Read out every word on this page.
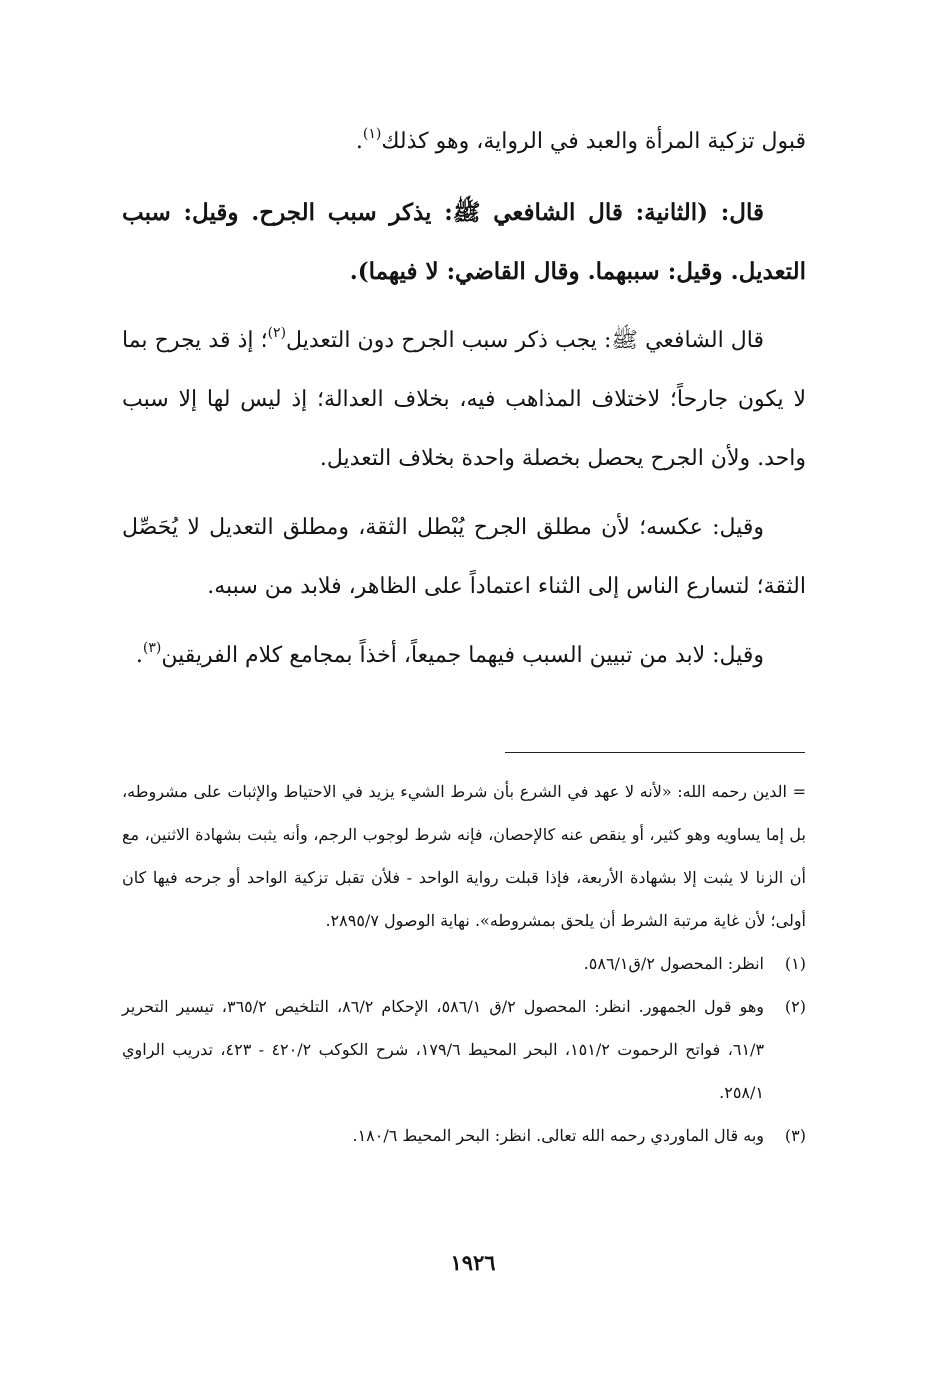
قبول تزكية المرأة والعبد في الرواية، وهو كذلك$^{(١)}$.

قال: (الثانية: قال الشافعي ﷺ: يذكر سبب الجرح. وقيل: سبب التعديل. وقيل: سببهما. وقال القاضي: لا فيهما).

قال الشافعي ﷺ: يجب ذكر سبب الجرح دون التعديل$^{(٢)}$؛ إذ قد يجرح بما لا يكون جارحاً؛ لاختلاف المذاهب فيه، بخلاف العدالة؛ إذ ليس لها إلا سبب واحد. ولأن الجرح يحصل بخصلة واحدة بخلاف التعديل.

وقيل: عكسه؛ لأن مطلق الجرح يُبْطل الثقة، ومطلق التعديل لا يُحَصِّل الثقة؛ لتسارع الناس إلى الثناء اعتماداً على الظاهر، فلابد من سببه.

وقيل: لابد من تبيين السبب فيهما جميعاً، أخذاً بمجامع كلام الفريقين$^{(٣)}$.

= الدين رحمه الله: «لأنه لا عهد في الشرع بأن شرط الشيء يزيد في الاحتياط والإثبات على مشروطه، بل إما يساويه وهو كثير، أو ينقص عنه كالإحصان، فإنه شرط لوجوب الرجم، وأنه يثبت بشهادة الاثنين، مع أن الزنا لا يثبت إلا بشهادة الأربعة، فإذا قبلت رواية الواحد - فلأن تقبل تزكية الواحد أو جرحه فيها كان أولى؛ لأن غاية مرتبة الشرط أن يلحق بمشروطه». نهاية الوصول ٢٨٩٥/٧.

(١)
انظر: المحصول ٢/ق٥٨٦/١.
(٢)
وهو قول الجمهور. انظر: المحصول ٢/ق ٥٨٦/١، الإحكام ٨٦/٢، التلخيص ٣٦٥/٢، تيسير التحرير ٦١/٣، فواتح الرحموت ١٥١/٢، البحر المحيط ١٧٩/٦، شرح الكوكب ٤٢٠/٢ - ٤٢٣، تدريب الراوي ٢٥٨/١.
(٣)
وبه قال الماوردي رحمه الله تعالى. انظر: البحر المحيط ١٨٠/٦.
١٩٢٦
